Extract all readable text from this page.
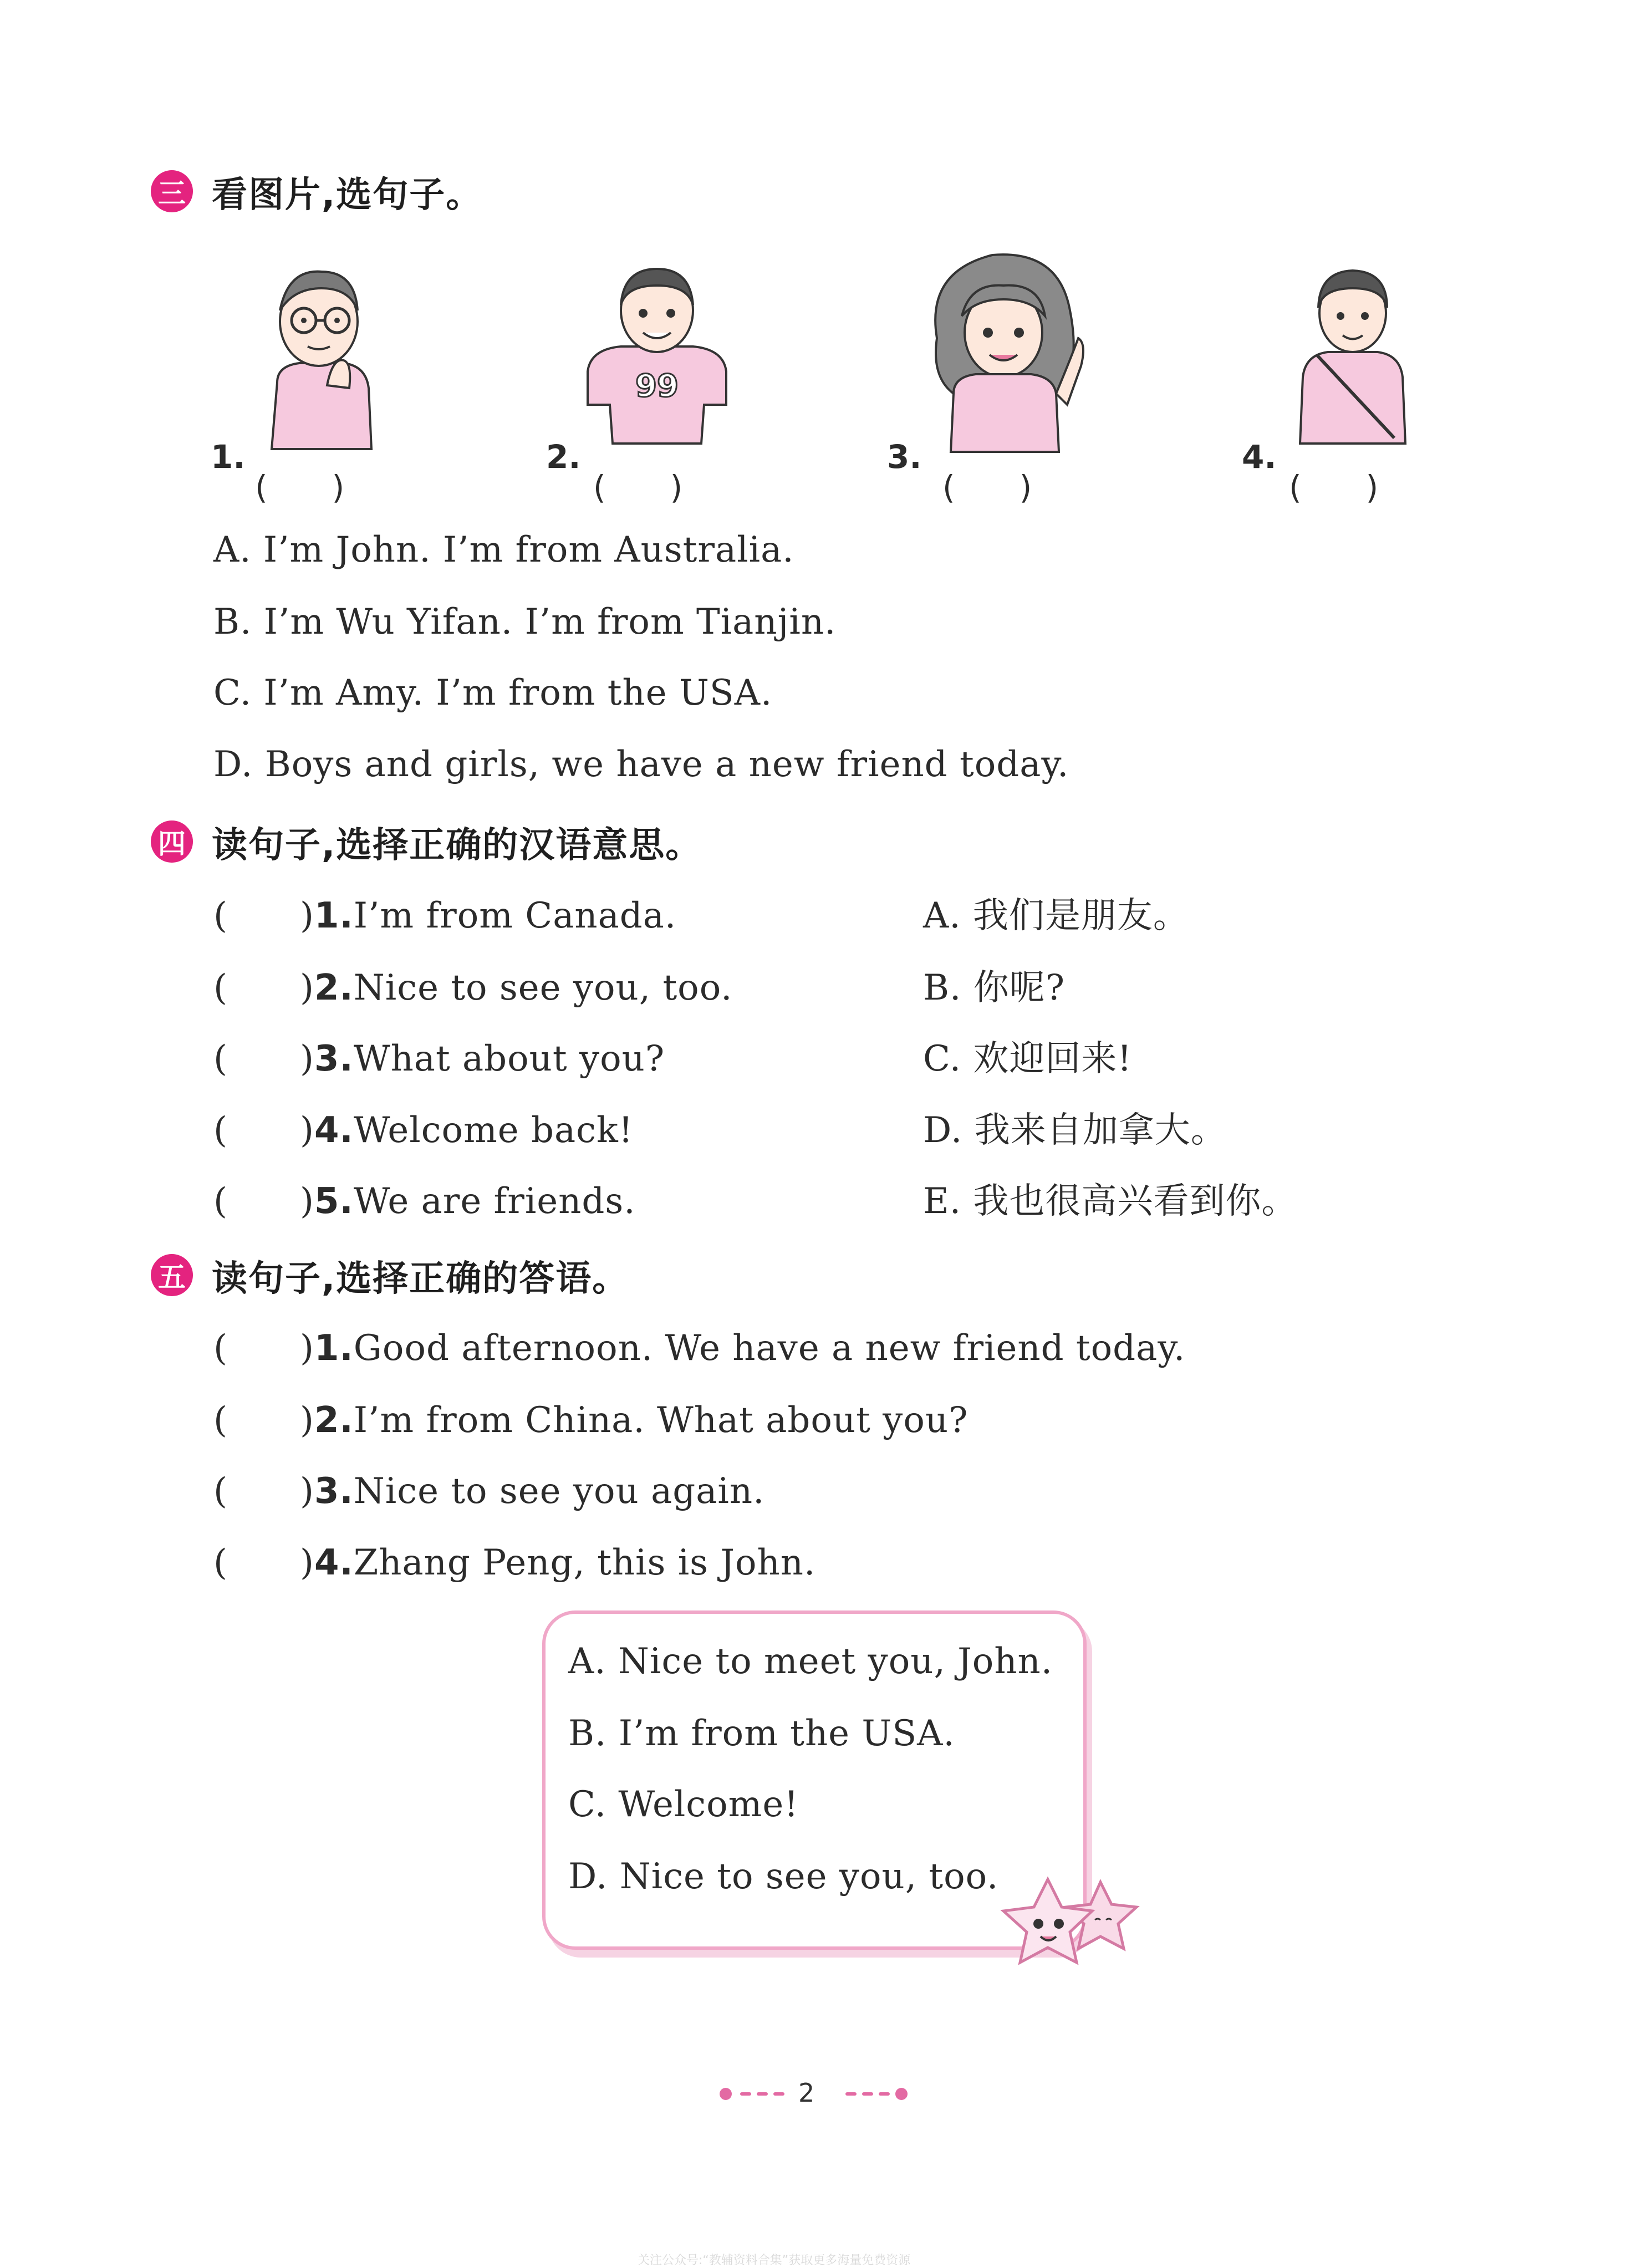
三 看图片,选句子。
99
1.
(　　)
2.
(　　)
3.
(　　)
4.
(　　)
A. I’m John. I’m from Australia.
B. I’m Wu Yifan. I’m from Tianjin.
C. I’m Amy. I’m from the USA.
D. Boys and girls, we have a new friend today.
四 读句子,选择正确的汉语意思。
(　　)1.I’m from Canada.	A. 我们是朋友。
(　　)2.Nice to see you, too.	B. 你呢?
(　　)3.What about you?	C. 欢迎回来!
(　　)4.Welcome back!	D. 我来自加拿大。
(　　)5.We are friends.	E. 我也很高兴看到你。
五 读句子,选择正确的答语。
(　　)1.Good afternoon. We have a new friend today.
(　　)2.I’m from China. What about you?
(　　)3.Nice to see you again.
(　　)4.Zhang Peng, this is John.
A. Nice to meet you, John.
B. I’m from the USA.
C. Welcome!
D. Nice to see you, too.
2
关注公众号:“教辅资料合集”获取更多海量免费资源
